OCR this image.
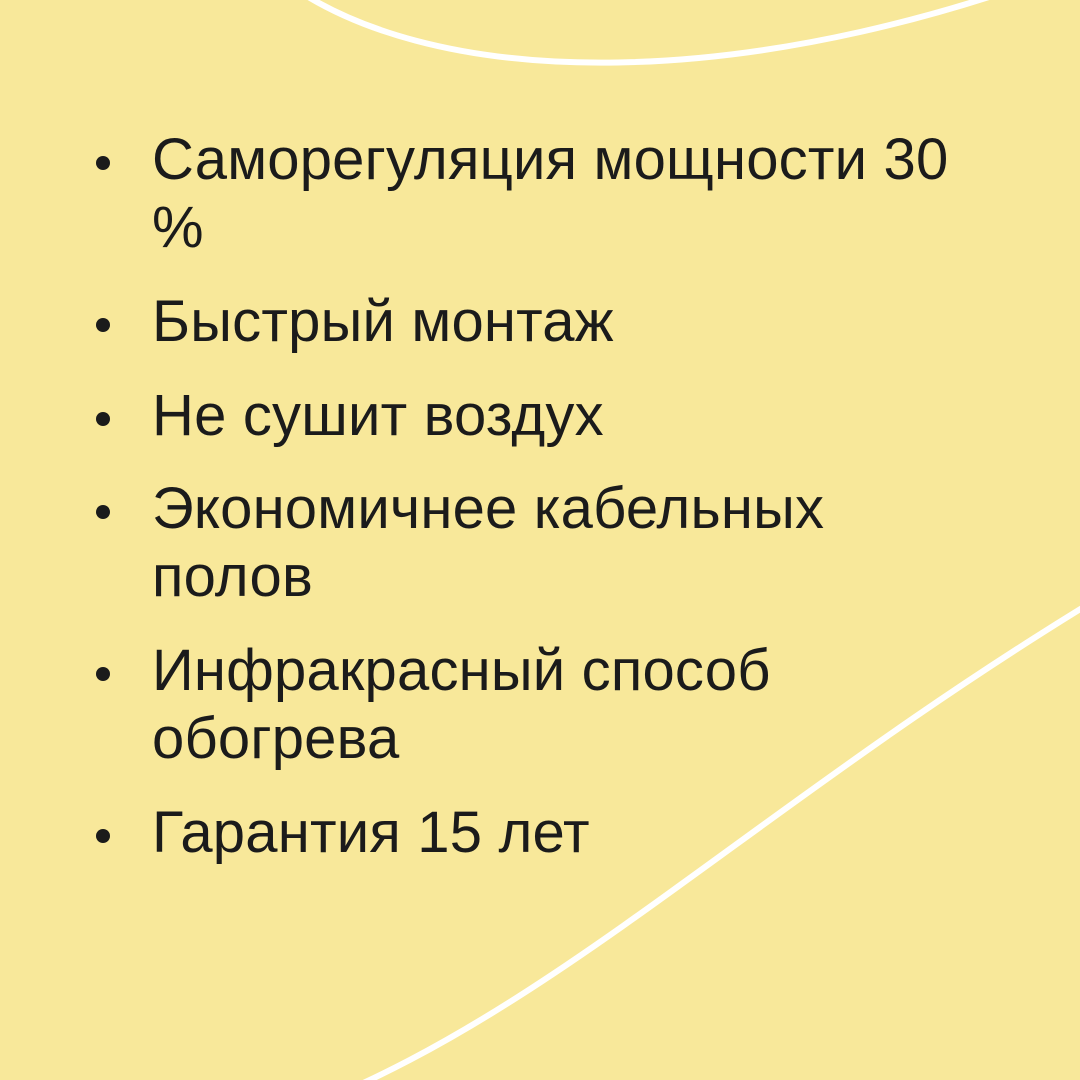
Саморегуляция мощности 30 %
Быстрый монтаж
Не сушит воздух
Экономичнее кабельных полов
Инфракрасный способ обогрева
Гарантия 15 лет
